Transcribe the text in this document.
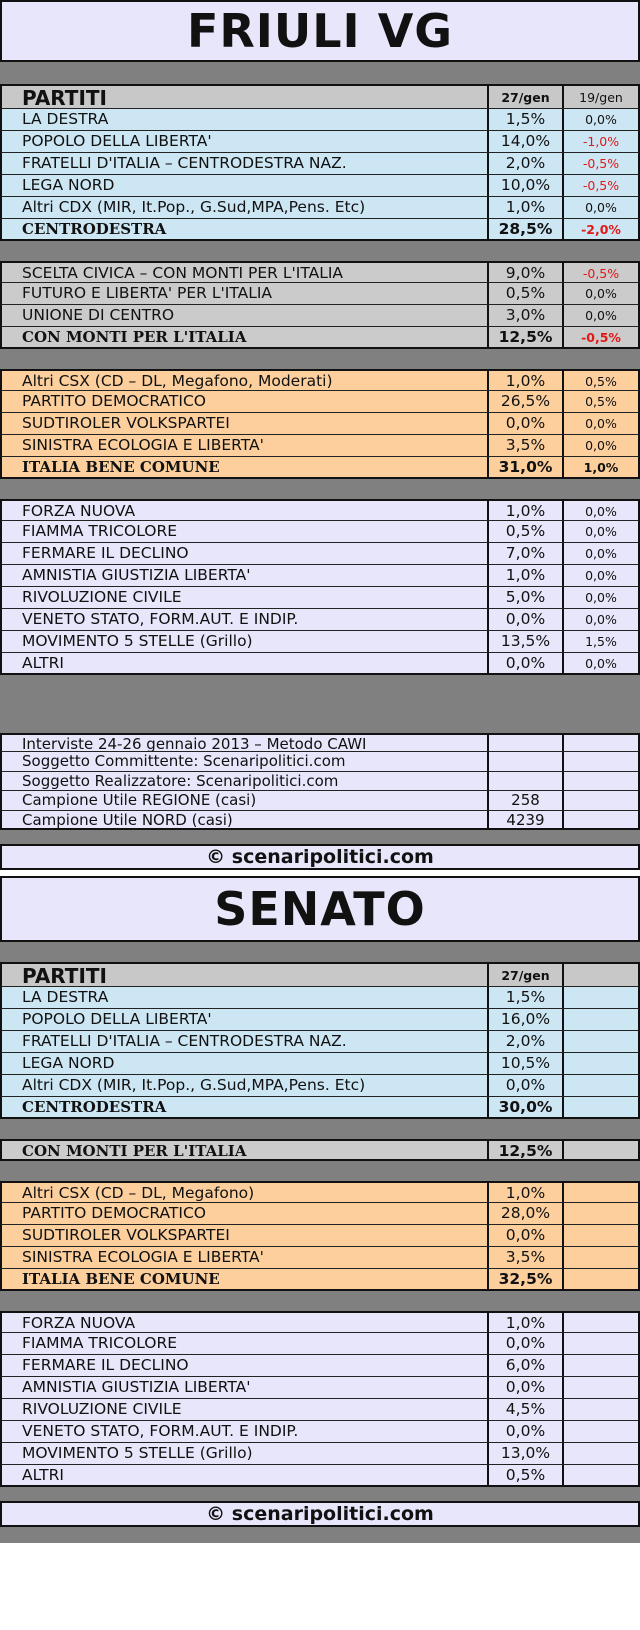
FRIULI VG
PARTITI	27/gen	19/gen
LA DESTRA	1,5%	0,0%
POPOLO DELLA LIBERTA'	14,0%	-1,0%
FRATELLI D'ITALIA – CENTRODESTRA NAZ.	2,0%	-0,5%
LEGA NORD	10,0%	-0,5%
Altri CDX (MIR, It.Pop., G.Sud,MPA,Pens. Etc)	1,0%	0,0%
CENTRODESTRA	28,5%	-2,0%
SCELTA CIVICA – CON MONTI PER L'ITALIA	9,0%	-0,5%
FUTURO E LIBERTA' PER L'ITALIA	0,5%	0,0%
UNIONE DI CENTRO	3,0%	0,0%
CON MONTI PER L'ITALIA	12,5%	-0,5%
Altri CSX (CD – DL, Megafono, Moderati)	1,0%	0,5%
PARTITO DEMOCRATICO	26,5%	0,5%
SUDTIROLER VOLKSPARTEI	0,0%	0,0%
SINISTRA ECOLOGIA E LIBERTA'	3,5%	0,0%
ITALIA BENE COMUNE	31,0%	1,0%
FORZA NUOVA	1,0%	0,0%
FIAMMA TRICOLORE	0,5%	0,0%
FERMARE IL DECLINO	7,0%	0,0%
AMNISTIA GIUSTIZIA LIBERTA'	1,0%	0,0%
RIVOLUZIONE CIVILE	5,0%	0,0%
VENETO STATO, FORM.AUT. E INDIP.	0,0%	0,0%
MOVIMENTO 5 STELLE (Grillo)	13,5%	1,5%
ALTRI	0,0%	0,0%
Interviste 24-26 gennaio 2013 – Metodo CAWI
Soggetto Committente: Scenaripolitici.com
Soggetto Realizzatore: Scenaripolitici.com
Campione Utile REGIONE (casi)	258
Campione Utile NORD (casi)	4239
© scenaripolitici.com
SENATO
PARTITI	27/gen
LA DESTRA	1,5%
POPOLO DELLA LIBERTA'	16,0%
FRATELLI D'ITALIA – CENTRODESTRA NAZ.	2,0%
LEGA NORD	10,5%
Altri CDX (MIR, It.Pop., G.Sud,MPA,Pens. Etc)	0,0%
CENTRODESTRA	30,0%
CON MONTI PER L'ITALIA	12,5%
Altri CSX (CD – DL, Megafono)	1,0%
PARTITO DEMOCRATICO	28,0%
SUDTIROLER VOLKSPARTEI	0,0%
SINISTRA ECOLOGIA E LIBERTA'	3,5%
ITALIA BENE COMUNE	32,5%
FORZA NUOVA	1,0%
FIAMMA TRICOLORE	0,0%
FERMARE IL DECLINO	6,0%
AMNISTIA GIUSTIZIA LIBERTA'	0,0%
RIVOLUZIONE CIVILE	4,5%
VENETO STATO, FORM.AUT. E INDIP.	0,0%
MOVIMENTO 5 STELLE (Grillo)	13,0%
ALTRI	0,5%
© scenaripolitici.com
